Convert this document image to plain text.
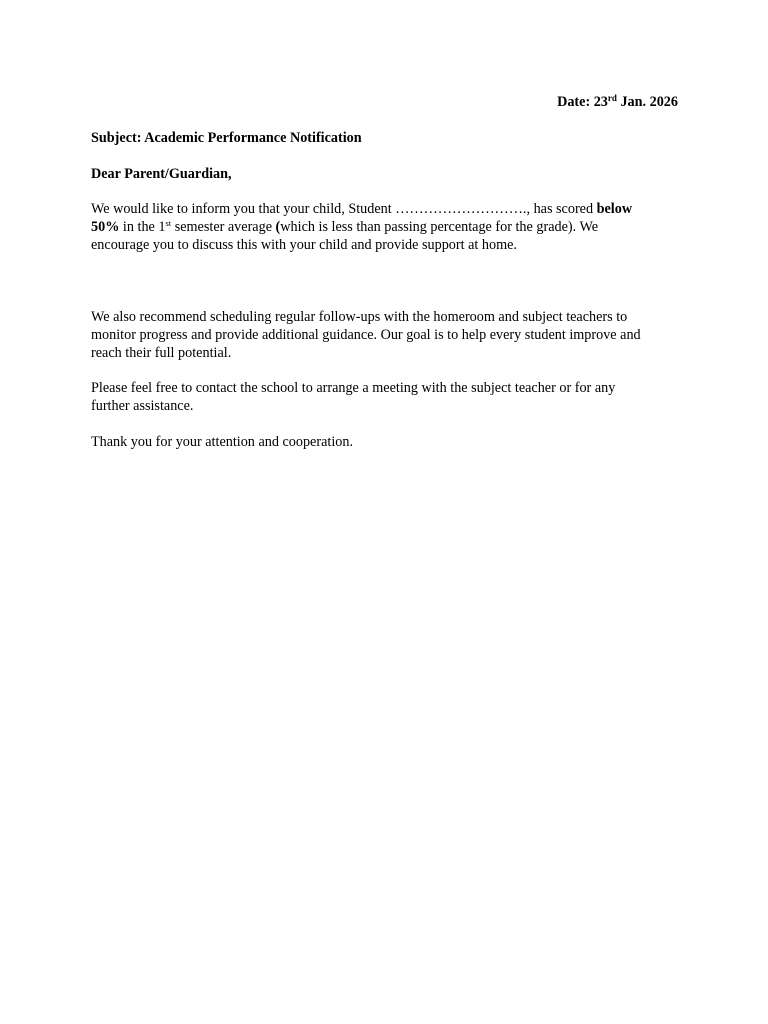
Date: 23rd Jan. 2026
Subject: Academic Performance Notification
Dear Parent/Guardian,
We would like to inform you that your child, Student ………………………., has scored below
50% in the 1st semester average (which is less than passing percentage for the grade). We
encourage you to discuss this with your child and provide support at home.
We also recommend scheduling regular follow-ups with the homeroom and subject teachers to
monitor progress and provide additional guidance. Our goal is to help every student improve and
reach their full potential.
Please feel free to contact the school to arrange a meeting with the subject teacher or for any
further assistance.
Thank you for your attention and cooperation.
